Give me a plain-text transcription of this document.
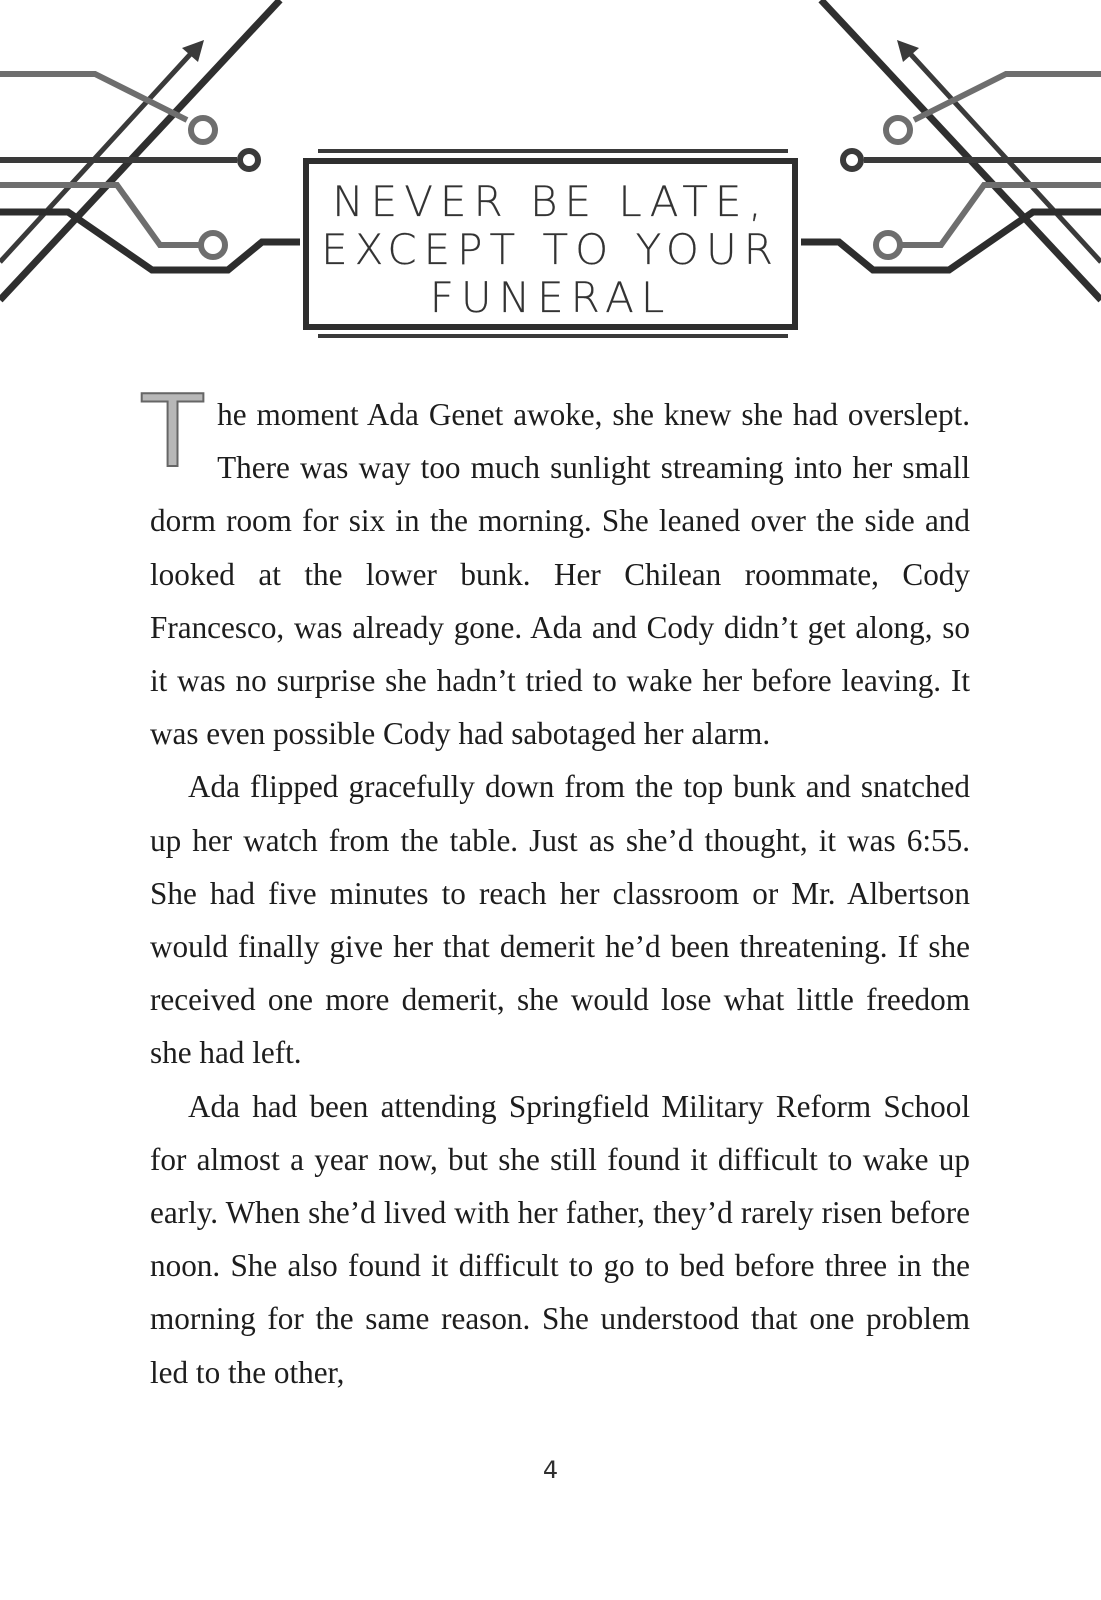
NEVER BE LATE,
EXCEPT TO YOUR
FUNERAL

The moment Ada Genet awoke, she knew she had overslept. There was way too much sunlight streaming into her small dorm room for six in the morning. She leaned over the side and looked at the lower bunk. Her Chilean roommate, Cody Francesco, was already gone. Ada and Cody didn’t get along, so it was no surprise she hadn’t tried to wake her before leaving. It was even possible Cody had sabotaged her alarm.

Ada flipped gracefully down from the top bunk and snatched up her watch from the table. Just as she’d thought, it was 6:55. She had five minutes to reach her classroom or Mr. Albertson would finally give her that demerit he’d been threatening. If she received one more demerit, she would lose what little freedom she had left.

Ada had been attending Springfield Military Reform School for almost a year now, but she still found it difficult to wake up early. When she’d lived with her father, they’d rarely risen before noon. She also found it difficult to go to bed before three in the morning for the same reason. She understood that one problem led to the other,

4
